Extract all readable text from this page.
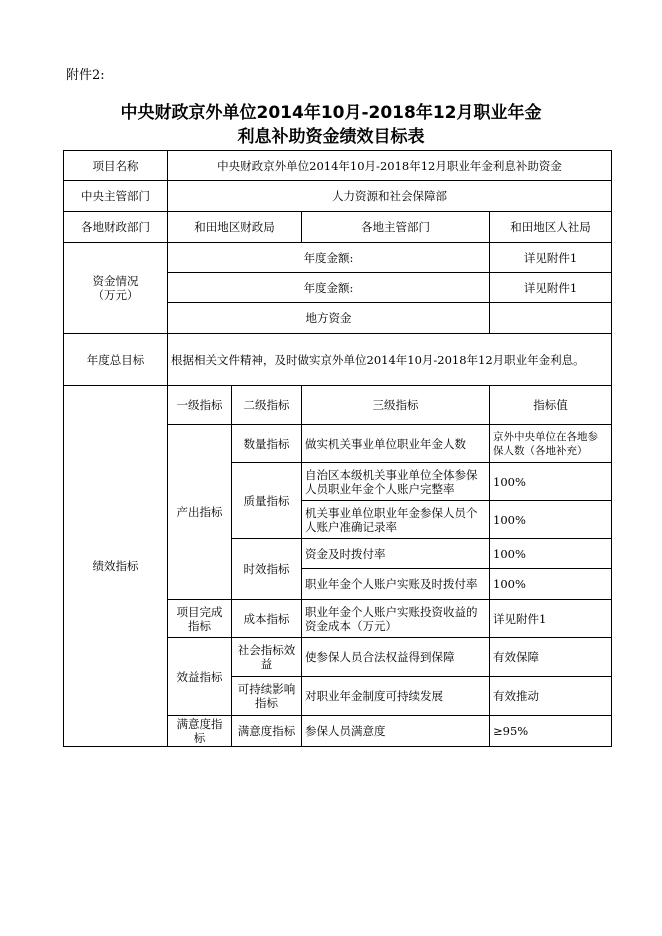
附件2:
中央财政京外单位2014年10月-2018年12月职业年金
利息补助资金绩效目标表
项目名称	中央财政京外单位2014年10月-2018年12月职业年金利息补助资金			
中央主管部门	人力资源和社会保障部			
各地财政部门	和田地区财政局		各地主管部门	和田地区人社局
资金情况
（万元）	年度金额:			详见附件1
	年度金额:			详见附件1
	地方资金			
年度总目标	根据相关文件精神，及时做实京外单位2014年10月-2018年12月职业年金利息。			
绩效指标	一级指标	二级指标	三级指标	指标值
	产出指标	数量指标	做实机关事业单位职业年金人数	京外中央单位在各地参保人数（各地补充）
		质量指标	自治区本级机关事业单位全体参保人员职业年金个人账户完整率	100%
			机关事业单位职业年金参保人员个人账户准确记录率	100%
		时效指标	资金及时拨付率	100%
			职业年金个人账户实账及时拨付率	100%
	项目完成指标	成本指标	职业年金个人账户实账投资收益的资金成本（万元）	详见附件1
	效益指标	社会指标效益	使参保人员合法权益得到保障	有效保障
		可持续影响指标	对职业年金制度可持续发展	有效推动
	满意度指标	满意度指标	参保人员满意度	≥95%
